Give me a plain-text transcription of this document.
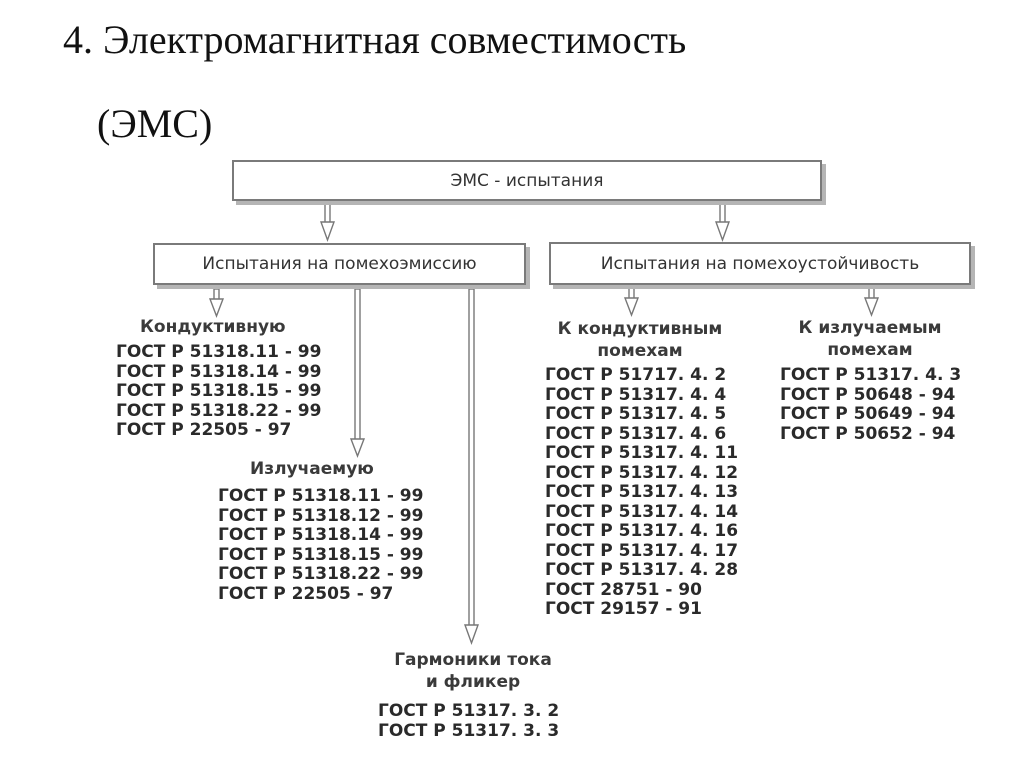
4. Электромагнитная совместимость
(ЭМС)
ЭМС - испытания
Испытания на помехоэмиссию	Испытания на помехоустойчивость
Кондуктивную
ГОСТ Р 51318.11 - 99
ГОСТ Р 51318.14 - 99
ГОСТ Р 51318.15 - 99
ГОСТ Р 51318.22 - 99
ГОСТ Р 22505 - 97
Излучаемую
ГОСТ Р 51318.11 - 99
ГОСТ Р 51318.12 - 99
ГОСТ Р 51318.14 - 99
ГОСТ Р 51318.15 - 99
ГОСТ Р 51318.22 - 99
ГОСТ Р 22505 - 97
Гармоники тока
и фликер
ГОСТ Р 51317. 3. 2
ГОСТ Р 51317. 3. 3
К кондуктивным
помехам
ГОСТ Р 51717. 4. 2
ГОСТ Р 51317. 4. 4
ГОСТ Р 51317. 4. 5
ГОСТ Р 51317. 4. 6
ГОСТ Р 51317. 4. 11
ГОСТ Р 51317. 4. 12
ГОСТ Р 51317. 4. 13
ГОСТ Р 51317. 4. 14
ГОСТ Р 51317. 4. 16
ГОСТ Р 51317. 4. 17
ГОСТ Р 51317. 4. 28
ГОСТ 28751 - 90
ГОСТ 29157 - 91
К излучаемым
помехам
ГОСТ Р 51317. 4. 3
ГОСТ Р 50648 - 94
ГОСТ Р 50649 - 94
ГОСТ Р 50652 - 94
